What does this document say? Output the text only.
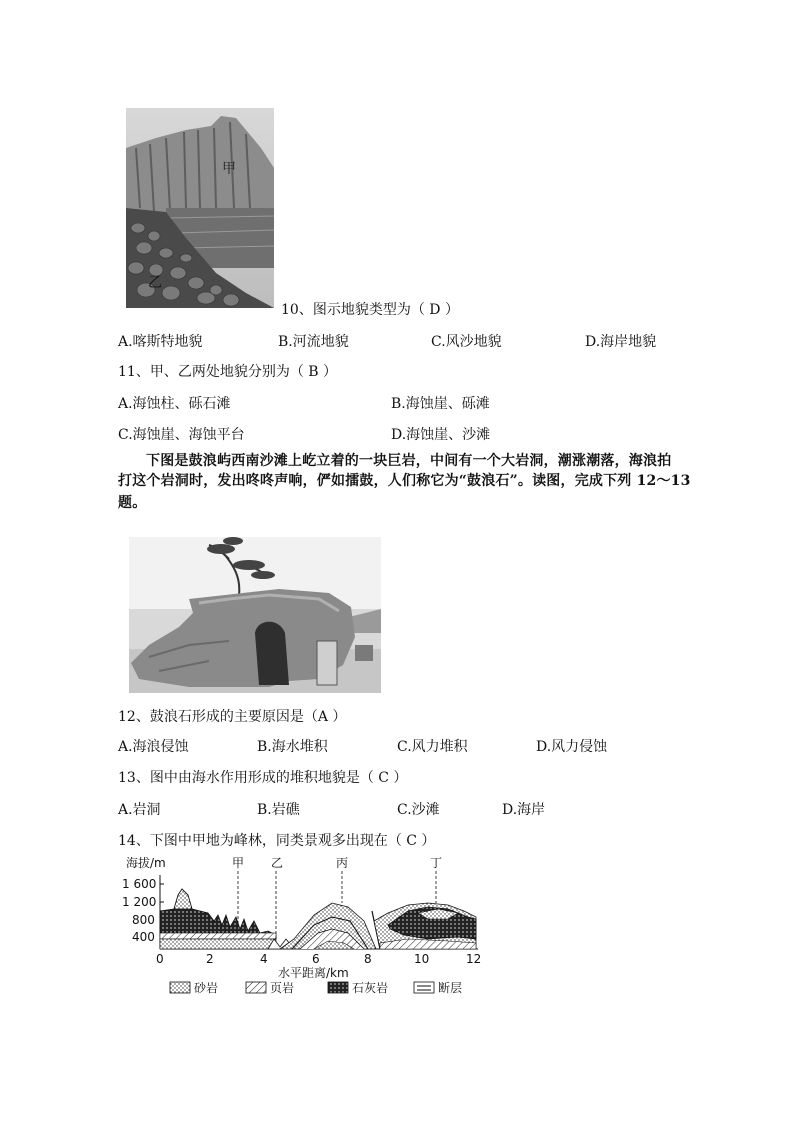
甲
乙
10、图示地貌类型为（ D ）
A.喀斯特地貌	B.河流地貌	C.风沙地貌	D.海岸地貌
11、甲、乙两处地貌分别为（ B ）
A.海蚀柱、砾石滩	B.海蚀崖、砾滩
C.海蚀崖、海蚀平台	D.海蚀崖、沙滩
下图是鼓浪屿西南沙滩上屹立着的一块巨岩，中间有一个大岩洞，潮涨潮落，海浪拍
打这个岩洞时，发出咚咚声响，俨如擂鼓，人们称它为“鼓浪石”。读图，完成下列 12～13
题。
12、鼓浪石形成的主要原因是（A ）
A.海浪侵蚀	B.海水堆积	C.风力堆积	D.风力侵蚀
13、图中由海水作用形成的堆积地貌是（ C ）
A.岩洞	B.岩礁	C.沙滩	D.海岸
14、下图中甲地为峰林，同类景观多出现在（ C ）
海拔/m
1 600
1 200
800
400
0	2	4	6	8	10	12
水平距离/km
甲 乙	丙	丁
砂岩	页岩	石灰岩	断层
